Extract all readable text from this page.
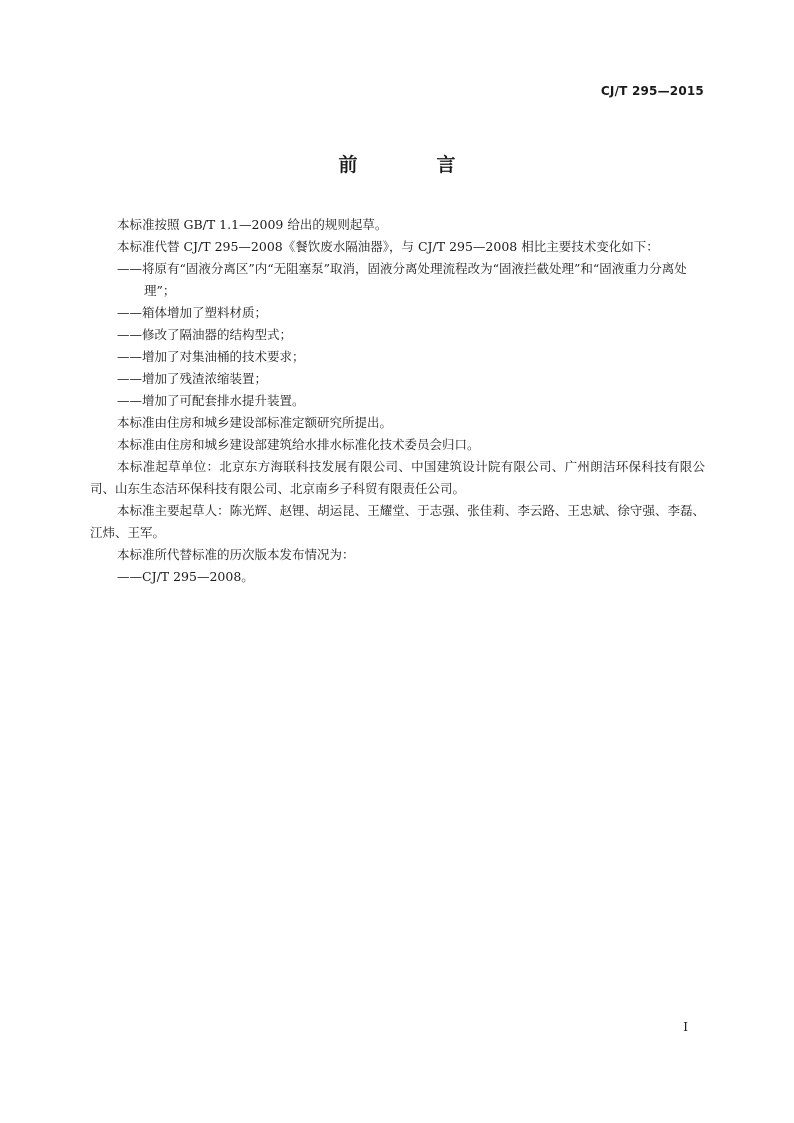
CJ/T 295—2015
前　言

本标准按照 GB/T 1.1—2009 给出的规则起草。

本标准代替 CJ/T 295—2008《餐饮废水隔油器》，与 CJ/T 295—2008 相比主要技术变化如下：

——将原有“固液分离区”内“无阻塞泵”取消，固液分离处理流程改为“固液拦截处理”和“固液重力分离处理”；

——箱体增加了塑料材质；

——修改了隔油器的结构型式；

——增加了对集油桶的技术要求；

——增加了残渣浓缩装置；

——增加了可配套排水提升装置。

本标准由住房和城乡建设部标准定额研究所提出。

本标准由住房和城乡建设部建筑给水排水标准化技术委员会归口。

本标准起草单位：北京东方海联科技发展有限公司、中国建筑设计院有限公司、广州朗洁环保科技有限公司、山东生态洁环保科技有限公司、北京南乡子科贸有限责任公司。

本标准主要起草人：陈光辉、赵锂、胡运昆、王耀堂、于志强、张佳莉、李云路、王忠斌、徐守强、李磊、江炜、王军。

本标准所代替标准的历次版本发布情况为：

——CJ/T 295—2008。

I
